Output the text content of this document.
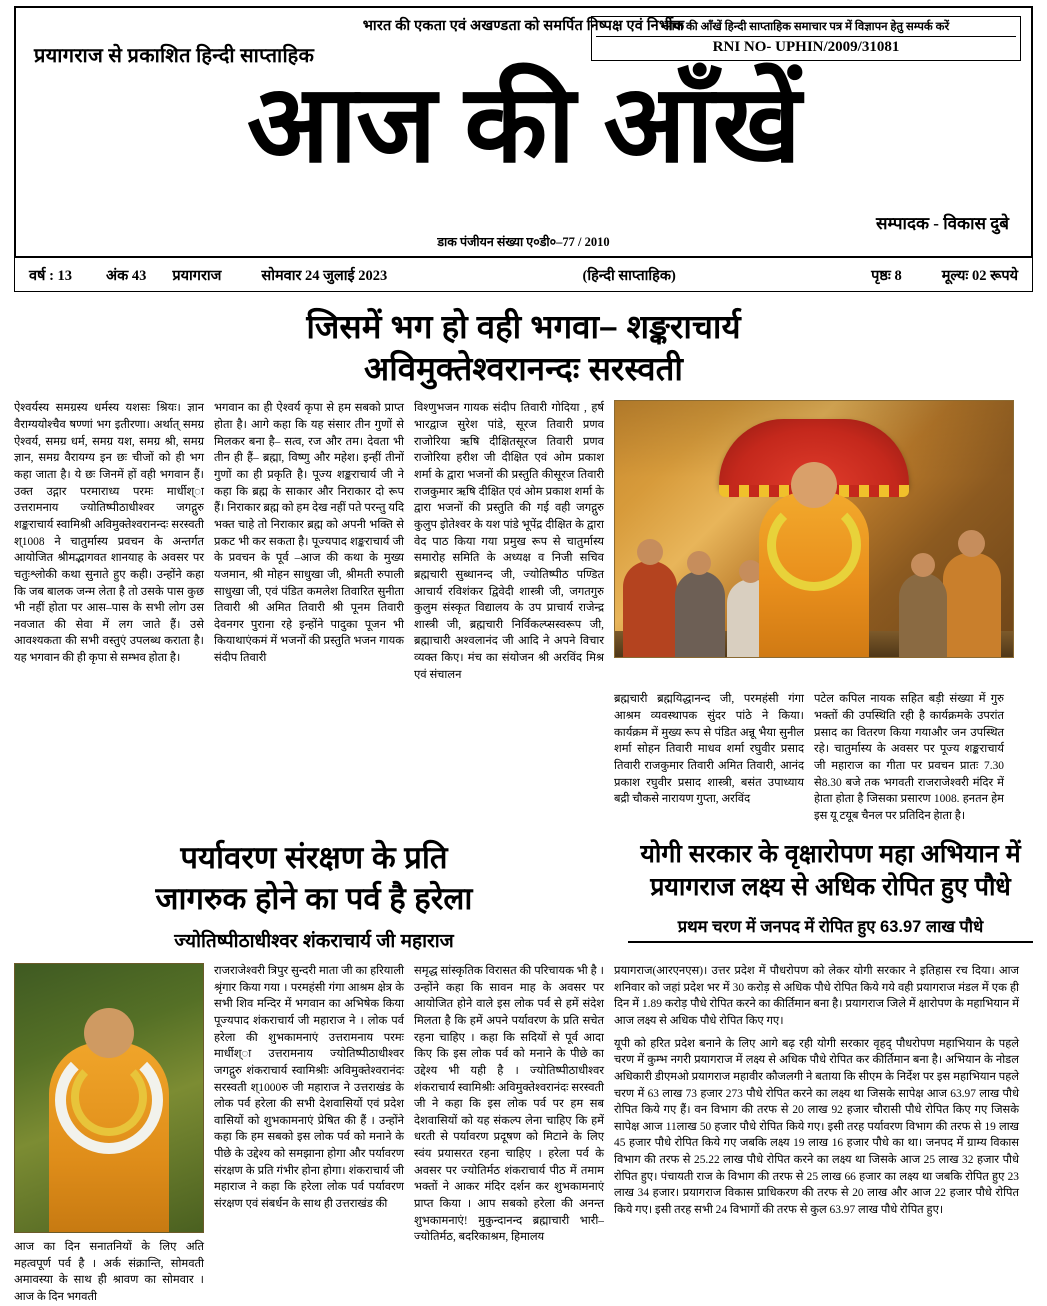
भारत की एकता एवं अखण्डता को समर्पित निष्पक्ष एवं निर्भीक
प्रयागराज से प्रकाशित हिन्दी साप्ताहिक
आज की आँखें हिन्दी साप्ताहिक समाचार पत्र में विज्ञापन हेतु सम्पर्क करें
RNI NO- UPHIN/2009/31081
आज की आँखें
डाक पंजीयन संख्या ए०डी०–77 / 2010
सम्पादक - विकास दुबे
वर्ष : 13 अंक 43 प्रयागराज	सोमवार 24 जुलाई 2023	(हिन्दी साप्ताहिक)	पृष्ठः 8	मूल्यः 02 रूपये
जिसमें भग हो वही भगवा– शङ्कराचार्य
अविमुक्तेश्वरानन्दः सरस्वती

ऐश्वर्यस्य समग्रस्य धर्मस्य यशसः श्रियः। ज्ञान वैराग्ययोश्चैव षण्णां भग इतीरणा। अर्थात् समग्र ऐश्वर्य, समग्र धर्म, समग्र यश, समग्र श्री, समग्र ज्ञान, समग्र वैरायग्य इन छः चीजों को ही भग कहा जाता है। ये छः जिनमें हों वही भगवान हैं। उक्त उद्गार परमाराध्य परमः मार्धीश्ा उत्तरामनाय ज्योतिष्पीठाधीश्वर जगद्गुरु शङ्कराचार्य स्वामिश्री अविमुक्तेश्वरानन्दः सरस्वती श्1008 ने चातुर्मास्य प्रवचन के अन्तर्गत आयोजित श्रीमद्भागवत शानयाह के अवसर पर चतुःश्लोकी कथा सुनाते हुए कही। उन्होंने कहा कि जब बालक जन्म लेता है तो उसके पास कुछ भी नहीं होता पर आस–पास के सभी लोग उस नवजात की सेवा में लग जाते हैं। उसे आवश्यकता की सभी वस्तुएं उपलब्ध कराता है। यह भगवान की ही कृपा से सम्भव होता है।

भगवान का ही ऐश्वर्य कृपा से हम सबको प्राप्त होता है। आगे कहा कि यह संसार तीन गुणों से मिलकर बना है– सत्व, रज और तम। देवता भी तीन ही हैं– ब्रह्मा, विष्णु और महेश। इन्हीं तीनों गुणों का ही प्रकृति है। पूज्य शङ्कराचार्य जी ने कहा कि ब्रह्म के साकार और निराकार दो रूप हैं। निराकार ब्रह्म को हम देख नहीं पते परन्तु यदि भक्त चाहे तो निराकार ब्रह्म को अपनी भक्ति से प्रकट भी कर सकता है। पूज्यपाद शङ्कराचार्य जी के प्रवचन के पूर्व –आज की कथा के मुख्य यजमान, श्री मोहन साधुखा जी, श्रीमती रुपाली साधुखा जी, एवं पंडित कमलेश तिवारित सुनीता तिवारी श्री अमित तिवारी श्री पूनम तिवारी देवनगर पुराना रहे इन्होंने पादुका पूजन भी कियाथाएंकमं में भजनों की प्रस्तुति भजन गायक संदीप तिवारी

विश्णुभजन गायक संदीप तिवारी गोदिया , हर्ष भारद्वाज सुरेश पांडे, सूरज तिवारी प्रणव राजोरिया ऋषि दीक्षितसूरज तिवारी प्रणव राजोरिया हरीश जी दीक्षित एवं ओम प्रकाश शर्मा के द्वारा भजनों की प्रस्तुति कीसूरज तिवारी राजकुमार ऋषि दीक्षित एवं ओम प्रकाश शर्मा के द्वारा भजनों की प्रस्तुति की गई वही जगद्गुरु कुलुप इोतेश्वर के यश पांडे भूपेंद्र दीक्षित के द्वारा वेद पाठ किया गया प्रमुख रूप से चातुर्मास्य समारोह समिति के अध्यक्ष व निजी सचिव ब्रह्मचारी सुब्धानन्द जी, ज्योतिष्पीठ पण्डित आचार्य रविशंकर द्विवेदी शास्त्री जी, जगतगुरु कुलुम संस्कृत विद्यालय के उप प्राचार्य राजेन्द्र शास्त्री जी, ब्रह्मचारी निर्विकल्प्सस्वरूप जी, ब्रह्माचारी अश्वलानंद जी आदि ने अपने विचार व्यक्त किए। मंच का संयोजन श्री अरविंद मिश्र एवं संचालन

ब्रह्मचारी ब्रह्मयिद्धानन्द जी, परमहंसी गंगा आश्रम व्यवस्थापक सुंदर पांठे ने किया। कार्यक्रम में मुख्य रूप से पंडित अन्नू भैया सुनील शर्मा सोहन तिवारी माधव शर्मा रघुवीर प्रसाद तिवारी राजकुमार तिवारी अमित तिवारी, आनंद प्रकाश रघुवीर प्रसाद शास्त्री, बसंत उपाध्याय बद्री चौकसे नारायण गुप्ता, अरविंद

पटेल कपिल नायक सहित बड़ी संख्या में गुरु भक्तों की उपस्थिति रही है कार्यक्रमके उपरांत प्रसाद का वितरण किया गयाऔर जन उपस्थित रहे। चातुर्मास्य के अवसर पर पूज्य शङ्कराचार्य जी महाराज का गीता पर प्रवचन प्रातः 7.30 से8.30 बजे तक भगवती राजराजेश्वरी मंदिर में हेाता होता है जिसका प्रसारण 1008. हनतन हेम इस यू टयूब चैनल पर प्रतिदिन हेाता है।

पर्यावरण संरक्षण के प्रति
जागरुक होने का पर्व है हरेला
ज्योतिष्पीठाधीश्वर शंकराचार्य जी महाराज
योगी सरकार के वृक्षारोपण महा अभियान में
प्रयागराज लक्ष्य से अधिक रोपित हुए पौधे
प्रथम चरण में जनपद में रोपित हुए 63.97 लाख पौधे

आज का दिन सनातनियों के लिए अति महत्वपूर्ण पर्व है । अर्क संक्रान्ति, सोमवती अमावस्या के साथ ही श्रावण का सोमवार । आज के दिन भगवती

राजराजेश्वरी त्रिपुर सुन्दरी माता जी का हरियाली श्रृंगार किया गया । परमहंसी गंगा आश्रम क्षेत्र के सभी शिव मन्दिर में भगवान का अभिषेक किया पूज्यपाद शंकराचार्य जी महाराज ने । लोक पर्व हरेला की शुभकामनाएं उत्तरामनाय परमः मार्धीश्ा उत्तरामनाय ज्योतिष्पीठाधीश्वर जगद्गुरु शंकराचार्य स्वामिश्रीः अविमुक्तेश्वरानंदः सरस्वती श्1000रु जी महाराज ने उत्तराखंड के लोक पर्व हरेला की सभी देशवासियों एवं प्रदेश वासियों को शुभकामनाएं प्रेषित की हैं । उन्होंने कहा कि हम सबको इस लोक पर्व को मनाने के पीछे के उद्देश्य को समझाना होगा और पर्यावरण संरक्षण के प्रति गंभीर होना होगा। शंकराचार्य जी महाराज ने कहा कि हरेला लोक पर्व पर्यावरण संरक्षण एवं संबर्धन के साथ ही उत्तराखंड की

समृद्ध सांस्कृतिक विरासत की परिचायक भी है । उन्होंने कहा कि सावन माह के अवसर पर आयोजित होने वाले इस लोक पर्व से हमें संदेश मिलता है कि हमें अपने पर्यावरण के प्रति सचेत रहना चाहिए । कहा कि सदियों से पूर्व आदा किए कि इस लोक पर्व को मनाने के पीछे का उद्देश्य भी यही है । ज्योतिष्पीठाधीश्वर शंकराचार्य स्वामिश्रीः अविमुक्तेश्वरानंदः सरस्वती जी ने कहा कि इस लोक पर्व पर हम सब देशवासियों को यह संकल्प लेना चाहिए कि हमें धरती से पर्यावरण प्रदूषण को मिटाने के लिए स्वंय प्रयासरत रहना चाहिए । हरेला पर्व के अवसर पर ज्योतिर्मठ शंकराचार्य पीठ में तमाम भक्तों ने आकर मंदिर दर्शन कर शुभकामनाएं प्राप्त किया । आप सबको हरेला की अनन्त शुभकामनाएं! मुकुन्दानन्द ब्रह्माचारी भारी– ज्योतिर्मठ, बदरिकाश्रम, हिमालय

प्रयागराज(आरएनएस)। उत्तर प्रदेश में पौधरोपण को लेकर योगी सरकार ने इतिहास रच दिया। आज शनिवार को जहां प्रदेश भर में 30 करोड़ से अधिक पौधे रोपित किये गये वही प्रयागराज मंडल में एक ही दिन में 1.89 करोड़ पौधे रोपित करने का कीर्तिमान बना है। प्रयागराज जिले में क्षारोपण के महाभियान में आज लक्ष्य से अधिक पौधे रोपित किए गए।

यूपी को हरित प्रदेश बनाने के लिए आगे बढ़ रही योगी सरकार वृहद् पौधरोपण महाभियान के पहले चरण में कुम्भ नगरी प्रयागराज में लक्ष्य से अधिक पौधे रोपित कर कीर्तिमान बना है। अभियान के नोडल अधिकारी डीएमओ प्रयागराज महावीर कौजलगी ने बताया कि सीएम के निर्देश पर इस महाभियान पहले चरण में 63 लाख 73 हजार 273 पौधे रोपित करने का लक्ष्य था जिसके सापेक्ष आज 63.97 लाख पौधे रोपित किये गए हैं। वन विभाग की तरफ से 20 लाख 92 हजार चौरासी पौधे रोपित किए गए जिसके सापेक्ष आज 11लाख 50 हजार पौधे रोपित किये गए। इसी तरह पर्यावरण विभाग की तरफ से 19 लाख 45 हजार पौधे रोपित किये गए जबकि लक्ष्य 19 लाख 16 हजार पौधे का था। जनपद में ग्राम्य विकास विभाग की तरफ से 25.22 लाख पौधे रोपित करने का लक्ष्य था जिसके आज 25 लाख 32 हजार पौधे रोपित हुए। पंचायती राज के विभाग की तरफ से 25 लाख 66 हजार का लक्ष्य था जबकि रोपित हुए 23 लाख 34 हजार। प्रयागराज विकास प्राधिकरण की तरफ से 20 लाख और आज 22 हजार पौधे रोपित किये गए। इसी तरह सभी 24 विभागों की तरफ से कुल 63.97 लाख पौधे रोपित हुए।
